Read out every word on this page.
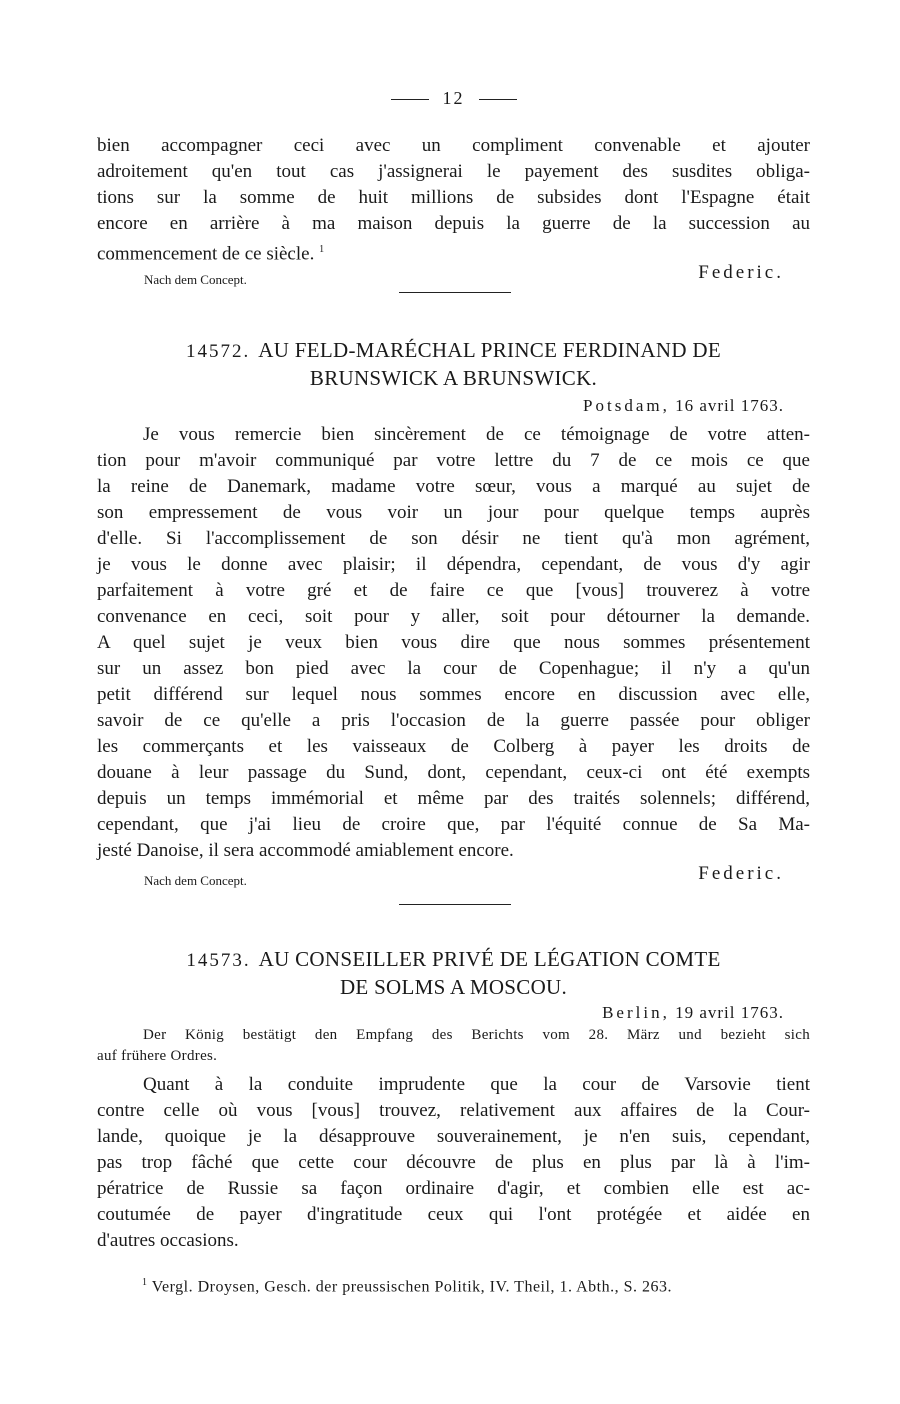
12
bien accompagner ceci avec un compliment convenable et ajouter
adroitement qu'en tout cas j'assignerai le payement des susdites obliga-
tions sur la somme de huit millions de subsides dont l'Espagne était
encore en arrière à ma maison depuis la guerre de la succession au
commencement de ce siècle. $^1$
Nach dem Concept.	Federic.
14572. AU FELD-MARÉCHAL PRINCE FERDINAND DE
BRUNSWICK A BRUNSWICK.
Potsdam, 16 avril 1763.
Je vous remercie bien sincèrement de ce témoignage de votre atten-
tion pour m'avoir communiqué par votre lettre du 7 de ce mois ce que
la reine de Danemark, madame votre sœur, vous a marqué au sujet de
son empressement de vous voir un jour pour quelque temps auprès
d'elle. Si l'accomplissement de son désir ne tient qu'à mon agrément,
je vous le donne avec plaisir; il dépendra, cependant, de vous d'y agir
parfaitement à votre gré et de faire ce que [vous] trouverez à votre
convenance en ceci, soit pour y aller, soit pour détourner la demande.
A quel sujet je veux bien vous dire que nous sommes présentement
sur un assez bon pied avec la cour de Copenhague; il n'y a qu'un
petit différend sur lequel nous sommes encore en discussion avec elle,
savoir de ce qu'elle a pris l'occasion de la guerre passée pour obliger
les commerçants et les vaisseaux de Colberg à payer les droits de
douane à leur passage du Sund, dont, cependant, ceux-ci ont été exempts
depuis un temps immémorial et même par des traités solennels; différend,
cependant, que j'ai lieu de croire que, par l'équité connue de Sa Ma-
jesté Danoise, il sera accommodé amiablement encore.
Nach dem Concept.	Federic.
14573. AU CONSEILLER PRIVÉ DE LÉGATION COMTE
DE SOLMS A MOSCOU.
Berlin, 19 avril 1763.
Der König bestätigt den Empfang des Berichts vom 28. März und bezieht sich
auf frühere Ordres.
Quant à la conduite imprudente que la cour de Varsovie tient
contre celle où vous [vous] trouvez, relativement aux affaires de la Cour-
lande, quoique je la désapprouve souverainement, je n'en suis, cependant,
pas trop fâché que cette cour découvre de plus en plus par là à l'im-
pératrice de Russie sa façon ordinaire d'agir, et combien elle est ac-
coutumée de payer d'ingratitude ceux qui l'ont protégée et aidée en
d'autres occasions.
$^1$ Vergl. Droysen, Gesch. der preussischen Politik, IV. Theil, 1. Abth., S. 263.
